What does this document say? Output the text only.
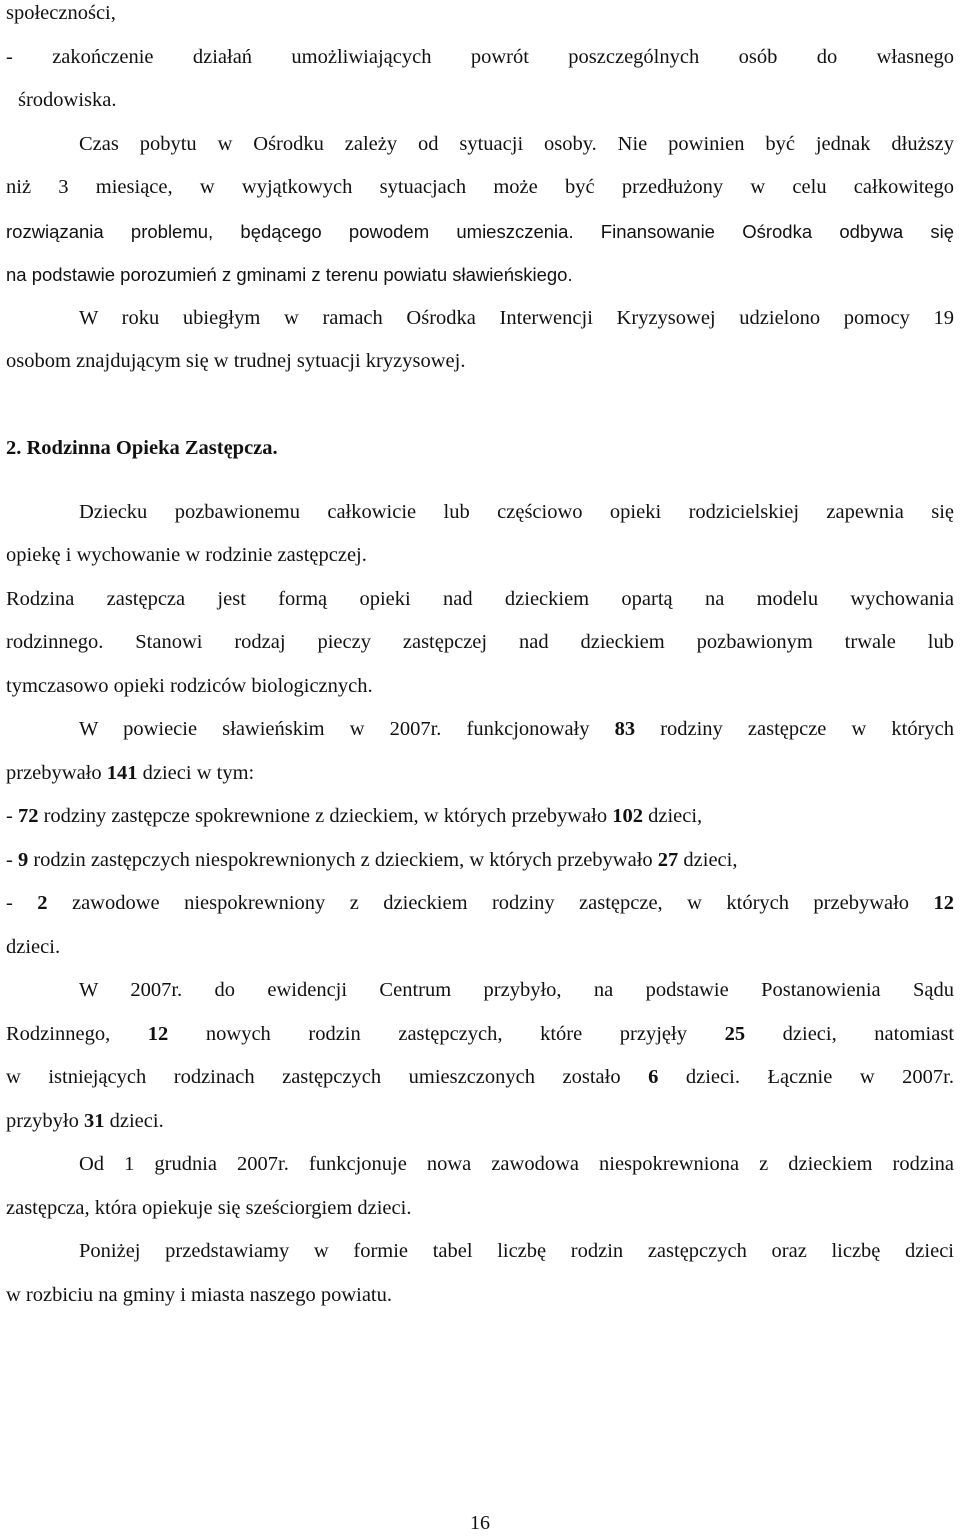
społeczności,
- zakończenie działań umożliwiających powrót poszczególnych osób do własnego
środowiska.
Czas pobytu w Ośrodku zależy od sytuacji osoby. Nie powinien być jednak dłuższy
niż 3 miesiące, w wyjątkowych sytuacjach może być przedłużony w celu całkowitego
rozwiązania problemu, będącego powodem umieszczenia. Finansowanie Ośrodka odbywa się
na podstawie porozumień z gminami z terenu powiatu sławieńskiego.
W roku ubiegłym w ramach Ośrodka Interwencji Kryzysowej udzielono pomocy 19
osobom znajdującym się w trudnej sytuacji kryzysowej.
2. Rodzinna Opieka Zastępcza.
Dziecku pozbawionemu całkowicie lub częściowo opieki rodzicielskiej zapewnia się
opiekę i wychowanie w rodzinie zastępczej.
Rodzina zastępcza jest formą opieki nad dzieckiem opartą na modelu wychowania
rodzinnego. Stanowi rodzaj pieczy zastępczej nad dzieckiem pozbawionym trwale lub
tymczasowo opieki rodziców biologicznych.
W powiecie sławieńskim w 2007r. funkcjonowały 83 rodziny zastępcze w których
przebywało 141 dzieci w tym:
- 72 rodziny zastępcze spokrewnione z dzieckiem, w których przebywało 102 dzieci,
- 9 rodzin zastępczych niespokrewnionych z dzieckiem, w których przebywało 27 dzieci,
- 2 zawodowe niespokrewniony z dzieckiem rodziny zastępcze, w których przebywało 12
dzieci.
W 2007r. do ewidencji Centrum przybyło, na podstawie Postanowienia Sądu
Rodzinnego, 12 nowych rodzin zastępczych, które przyjęły 25 dzieci, natomiast
w istniejących rodzinach zastępczych umieszczonych zostało 6 dzieci. Łącznie w 2007r.
przybyło 31 dzieci.
Od 1 grudnia 2007r. funkcjonuje nowa zawodowa niespokrewniona z dzieckiem rodzina
zastępcza, która opiekuje się sześciorgiem dzieci.
Poniżej przedstawiamy w formie tabel liczbę rodzin zastępczych oraz liczbę dzieci
w rozbiciu na gminy i miasta naszego powiatu.
16
